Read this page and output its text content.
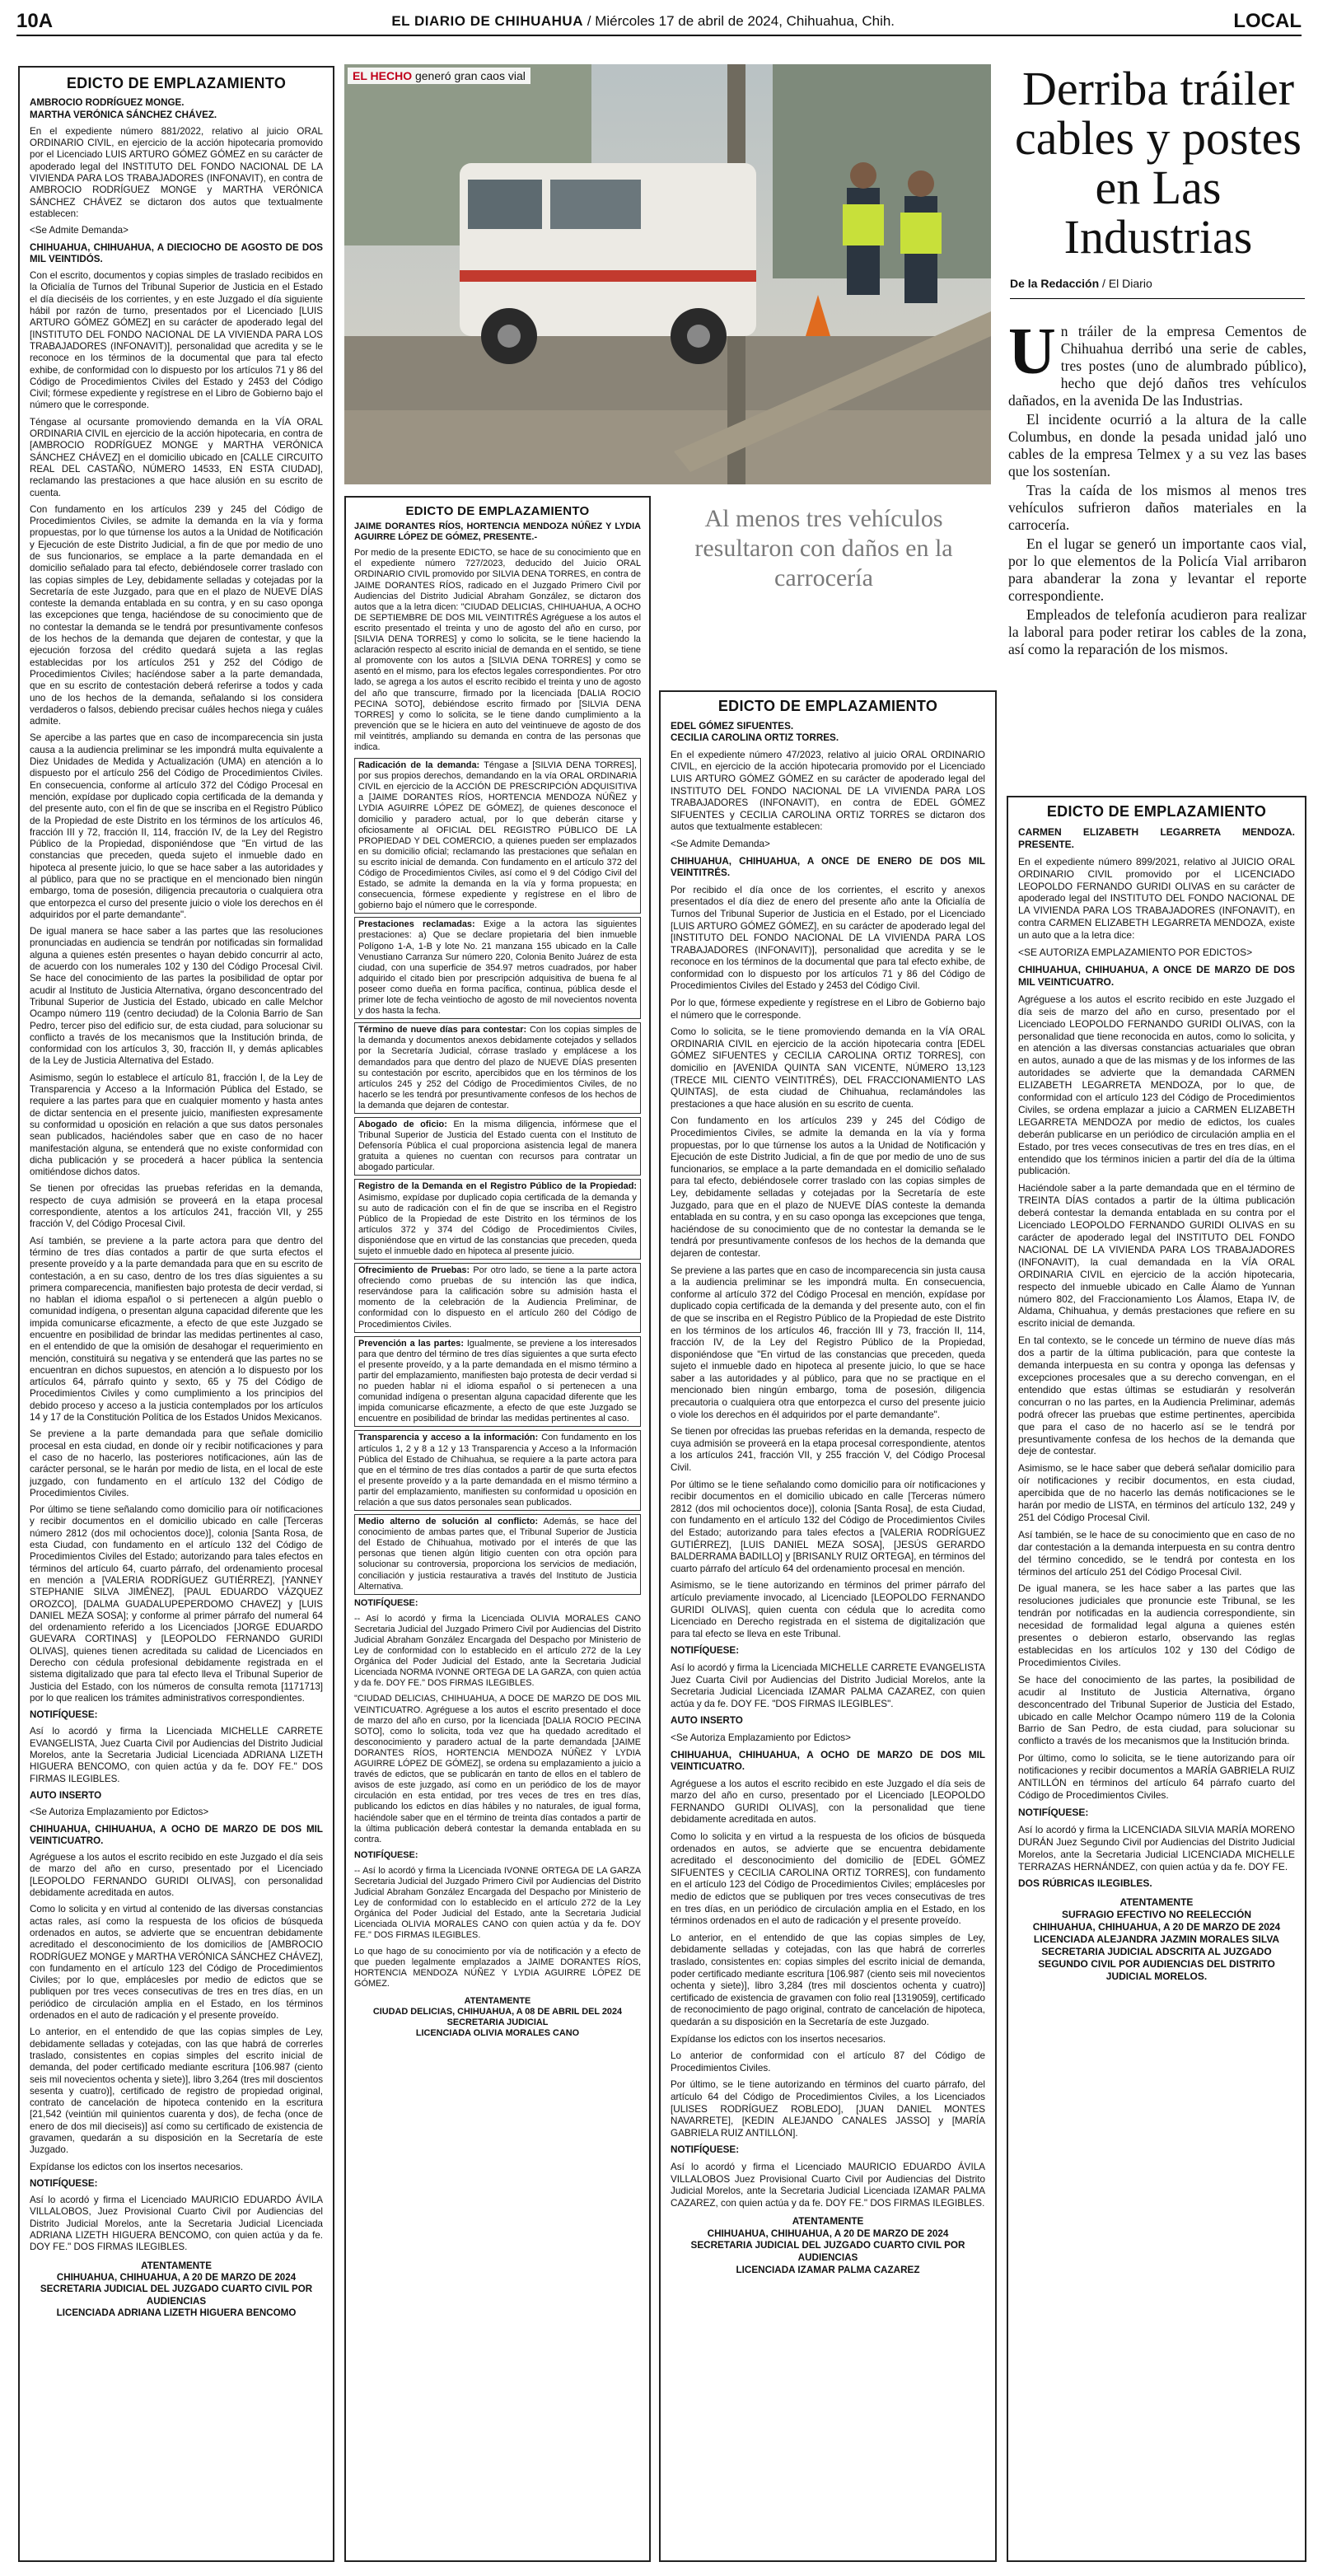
10A	EL DIARIO DE CHIHUAHUA / Miércoles 17 de abril de 2024, Chihuahua, Chih.	LOCAL
EDICTO DE EMPLAZAMIENTO

AMBROCIO RODRÍGUEZ MONGE.
MARTHA VERÓNICA SÁNCHEZ CHÁVEZ.

En el expediente número 881/2022, relativo al juicio ORAL ORDINARIO CIVIL, en ejercicio de la acción hipotecaria promovido por el Licenciado LUIS ARTURO GÓMEZ GÓMEZ en su carácter de apoderado legal del INSTITUTO DEL FONDO NACIONAL DE LA VIVIENDA PARA LOS TRABAJADORES (INFONAVIT), en contra de AMBROCIO RODRÍGUEZ MONGE y MARTHA VERÓNICA SÁNCHEZ CHÁVEZ se dictaron dos autos que textualmente establecen:

<Se Admite Demanda>

CHIHUAHUA, CHIHUAHUA, A DIECIOCHO DE AGOSTO DE DOS MIL VEINTIDÓS.

Con el escrito, documentos y copias simples de traslado recibidos en la Oficialía de Turnos del Tribunal Superior de Justicia en el Estado el día dieciséis de los corrientes, y en este Juzgado el día siguiente hábil por razón de turno, presentados por el Licenciado [LUIS ARTURO GÓMEZ GÓMEZ] en su carácter de apoderado legal del [INSTITUTO DEL FONDO NACIONAL DE LA VIVIENDA PARA LOS TRABAJADORES (INFONAVIT)], personalidad que acredita y se le reconoce en los términos de la documental que para tal efecto exhibe, de conformidad con lo dispuesto por los artículos 71 y 86 del Código de Procedimientos Civiles del Estado y 2453 del Código Civil; fórmese expediente y regístrese en el Libro de Gobierno bajo el número que le corresponde.

Téngase al ocursante promoviendo demanda en la VÍA ORAL ORDINARIA CIVIL en ejercicio de la acción hipotecaria, en contra de [AMBROCIO RODRÍGUEZ MONGE y MARTHA VERÓNICA SÁNCHEZ CHÁVEZ] en el domicilio ubicado en [CALLE CIRCUITO REAL DEL CASTAÑO, NÚMERO 14533, EN ESTA CIUDAD], reclamando las prestaciones a que hace alusión en su escrito de cuenta.

Con fundamento en los artículos 239 y 245 del Código de Procedimientos Civiles, se admite la demanda en la vía y forma propuestas, por lo que túrnense los autos a la Unidad de Notificación y Ejecución de este Distrito Judicial, a fin de que por medio de uno de sus funcionarios, se emplace a la parte demandada en el domicilio señalado para tal efecto, debiéndosele correr traslado con las copias simples de Ley, debidamente selladas y cotejadas por la Secretaría de este Juzgado, para que en el plazo de NUEVE DÍAS conteste la demanda entablada en su contra, y en su caso oponga las excepciones que tenga, haciéndose de su conocimiento que de no contestar la demanda se le tendrá por presuntivamente confesos de los hechos de la demanda que dejaren de contestar, y que la ejecución forzosa del crédito quedará sujeta a las reglas establecidas por los artículos 251 y 252 del Código de Procedimientos Civiles; hacíéndose saber a la parte demandada, que en su escrito de contestación deberá referirse a todos y cada uno de los hechos de la demanda, señalando si los considera verdaderos o falsos, debiendo precisar cuáles hechos niega y cuáles admite.

Se apercibe a las partes que en caso de incomparecencia sin justa causa a la audiencia preliminar se les impondrá multa equivalente a Diez Unidades de Medida y Actualización (UMA) en atención a lo dispuesto por el artículo 256 del Código de Procedimientos Civiles. En consecuencia, conforme al artículo 372 del Código Procesal en mención, expídase por duplicado copia certificada de la demanda y del presente auto, con el fin de que se inscriba en el Registro Público de la Propiedad de este Distrito en los términos de los artículos 46, fracción III y 72, fracción II, 114, fracción IV, de la Ley del Registro Público de la Propiedad, disponiéndose que "En virtud de las constancias que preceden, queda sujeto el inmueble dado en hipoteca al presente juicio, lo que se hace saber a las autoridades y al público, para que no se practique en el mencionado bien ningún embargo, toma de posesión, diligencia precautoria o cualquiera otra que entorpezca el curso del presente juicio o viole los derechos en él adquiridos por el parte demandante".

De igual manera se hace saber a las partes que las resoluciones pronunciadas en audiencia se tendrán por notificadas sin formalidad alguna a quienes estén presentes o hayan debido concurrir al acto, de acuerdo con los numerales 102 y 130 del Código Procesal Civil. Se hace del conocimiento de las partes la posibilidad de optar por acudir al Instituto de Justicia Alternativa, órgano desconcentrado del Tribunal Superior de Justicia del Estado, ubicado en calle Melchor Ocampo número 119 (centro deciudad) de la Colonia Barrio de San Pedro, tercer piso del edificio sur, de esta ciudad, para solucionar su conflicto a través de los mecanismos que la Institución brinda, de conformidad con los artículos 3, 30, fracción II, y demás aplicables de la Ley de Justicia Alternativa del Estado.

Asimismo, según lo establece el artículo 81, fracción I, de la Ley de Transparencia y Acceso a la Información Pública del Estado, se requiere a las partes para que en cualquier momento y hasta antes de dictar sentencia en el presente juicio, manifiesten expresamente su conformidad u oposición en relación a que sus datos personales sean publicados, haciéndoles saber que en caso de no hacer manifestación alguna, se entenderá que no existe conformidad con dicha publicación y se procederá a hacer pública la sentencia omitiéndose dichos datos.

Se tienen por ofrecidas las pruebas referidas en la demanda, respecto de cuya admisión se proveerá en la etapa procesal correspondiente, atentos a los artículos 241, fracción VII, y 255 fracción V, del Código Procesal Civil.

Así también, se previene a la parte actora para que dentro del término de tres días contados a partir de que surta efectos el presente proveído y a la parte demandada para que en su escrito de contestación, a en su caso, dentro de los tres días siguientes a su primera comparecencia, manifiesten bajo protesta de decir verdad, si no hablan el idioma español o si pertenecen a algún pueblo o comunidad indígena, o presentan alguna capacidad diferente que les impida comunicarse eficazmente, a efecto de que este Juzgado se encuentre en posibilidad de brindar las medidas pertinentes al caso, en el entendido de que la omisión de desahogar el requerimiento en mención, constituirá su negativa y se entenderá que las partes no se encuentran en dichos supuestos, en atención a lo dispuesto por los artículos 64, párrafo quinto y sexto, 65 y 75 del Código de Procedimientos Civiles y como cumplimiento a los principios del debido proceso y acceso a la justicia contemplados por los artículos 14 y 17 de la Constitución Política de los Estados Unidos Mexicanos.

Se previene a la parte demandada para que señale domicilio procesal en esta ciudad, en donde oír y recibir notificaciones y para el caso de no hacerlo, las posteriores notificaciones, aún las de carácter personal, se le harán por medio de lista, en el local de este juzgado, con fundamento en el artículo 132 del Código de Procedimientos Civiles.

Por último se tiene señalando como domicilio para oír notificaciones y recibir documentos en el domicilio ubicado en calle [Terceras número 2812 (dos mil ochocientos doce)], colonia [Santa Rosa, de esta Ciudad, con fundamento en el artículo 132 del Código de Procedimientos Civiles del Estado; autorizando para tales efectos en términos del artículo 64, cuarto párrafo, del ordenamiento procesal en mención a [VALERIA RODRÍGUEZ GUTIÉRREZ], [YANNEY STEPHANIE SILVA JIMÉNEZ], [PAUL EDUARDO VÁZQUEZ OROZCO], [DALMA GUADALUPEPERDOMO CHAVEZ] y [LUIS DANIEL MEZA SOSA]; y conforme al primer párrafo del numeral 64 del ordenamiento referido a los Licenciados [JORGE EDUARDO GUEVARA CORTINAS] y [LEOPOLDO FERNANDO GURIDI OLIVAS], quienes tienen acreditada su calidad de Licenciados en Derecho con cédula profesional debidamente registrada en el sistema digitalizado que para tal efecto lleva el Tribunal Superior de Justicia del Estado, con los números de consulta remota [1171713] por lo que realicen los trámites administrativos correspondientes.

NOTIFÍQUESE:

Así lo acordó y firma la Licenciada MICHELLE CARRETE EVANGELISTA, Juez Cuarta Civil por Audiencias del Distrito Judicial Morelos, ante la Secretaria Judicial Licenciada ADRIANA LIZETH HIGUERA BENCOMO, con quien actúa y da fe. DOY FE." DOS FIRMAS ILEGIBLES.

AUTO INSERTO

<Se Autoriza Emplazamiento por Edictos>

CHIHUAHUA, CHIHUAHUA, A OCHO DE MARZO DE DOS MIL VEINTICUATRO.

Agréguese a los autos el escrito recibido en este Juzgado el día seis de marzo del año en curso, presentado por el Licenciado [LEOPOLDO FERNANDO GURIDI OLIVAS], con personalidad debidamente acreditada en autos.

Como lo solicita y en virtud al contenido de las diversas constancias actas rales, así como la respuesta de los oficios de búsqueda ordenados en autos, se advierte que se encuentran debidamente acreditado el desconocimiento de los domicilios de [AMBROCIO RODRÍGUEZ MONGE y MARTHA VERÓNICA SÁNCHEZ CHÁVEZ], con fundamento en el artículo 123 del Código de Procedimientos Civiles; por lo que, emplácesles por medio de edictos que se publiquen por tres veces consecutivas de tres en tres días, en un periódico de circulación amplia en el Estado, en los términos ordenados en el auto de radicación y el presente proveído.

Lo anterior, en el entendido de que las copias simples de Ley, debidamente selladas y cotejadas, con las que habrá de correrles traslado, consistentes en copias simples del escrito inicial de demanda, del poder certificado mediante escritura [106.987 (ciento seis mil novecientos ochenta y siete)], libro 3,264 (tres mil doscientos sesenta y cuatro)], certificado de registro de propiedad original, contrato de cancelación de hipoteca contenido en la escritura [21,542 (veintiún mil quinientos cuarenta y dos), de fecha (once de enero de dos mil dieciseis)] así como su certificado de existencia de gravamen, quedarán a su disposición en la Secretaría de este Juzgado.

Expídanse los edictos con los insertos necesarios.

NOTIFÍQUESE:

Así lo acordó y firma el Licenciado MAURICIO EDUARDO ÁVILA VILLALOBOS, Juez Provisional Cuarto Civil por Audiencias del Distrito Judicial Morelos, ante la Secretaria Judicial Licenciada ADRIANA LIZETH HIGUERA BENCOMO, con quien actúa y da fe. DOY FE." DOS FIRMAS ILEGIBLES.

ATENTAMENTE
CHIHUAHUA, CHIHUAHUA, A 20 DE MARZO DE 2024
SECRETARIA JUDICIAL DEL JUZGADO CUARTO CIVIL POR AUDIENCIAS
LICENCIADA ADRIANA LIZETH HIGUERA BENCOMO
EL HECHO generó gran caos vial
EDICTO DE EMPLAZAMIENTO

JAIME DORANTES RÍOS, HORTENCIA MENDOZA NÚÑEZ Y LYDIA AGUIRRE LÓPEZ DE GÓMEZ, PRESENTE.-

Por medio de la presente EDICTO, se hace de su conocimiento que en el expediente número 727/2023, deducido del Juicio ORAL ORDINARIO CIVIL promovido por SILVIA DENA TORRES, en contra de JAIME DORANTES RÍOS, radicado en el Juzgado Primero Civil por Audiencias del Distrito Judicial Abraham González, se dictaron dos autos que a la letra dicen: "CIUDAD DELICIAS, CHIHUAHUA, A OCHO DE SEPTIEMBRE DE DOS MIL VEINTITRÉS Agréguese a los autos el escrito presentado el treinta y uno de agosto del año en curso, por [SILVIA DENA TORRES] y como lo solicita, se le tiene haciendo la aclaración respecto al escrito inicial de demanda en el sentido, se tiene al promovente con los autos a [SILVIA DENA TORRES] y como se asentó en el mismo, para los efectos legales correspondientes. Por otro lado, se agrega a los autos el escrito recibido el treinta y uno de agosto del año que transcurre, firmado por la licenciada [DALIA ROCIO PECINA SOTO], debiéndose escrito firmado por [SILVIA DENA TORRES] y como lo solicita, se le tiene dando cumplimiento a la prevención que se le hiciera en auto del veintinueve de agosto de dos mil veintitrés, ampliando su demanda en contra de las personas que indica.

Radicación de la demanda: Téngase a [SILVIA DENA TORRES], por sus propios derechos, demandando en la vía ORAL ORDINARIA CIVIL en ejercicio de la ACCIÓN DE PRESCRIPCIÓN ADQUISITIVA a [JAIME DORANTES RÍOS, HORTENCIA MENDOZA NÚÑEZ y LYDIA AGUIRRE LÓPEZ DE GÓMEZ], de quienes desconoce el domicilio y paradero actual, por lo que deberán citarse y oficiosamente al OFICIAL DEL REGISTRO PÚBLICO DE LA PROPIEDAD Y DEL COMERCIO, a quienes pueden ser emplazados en su domicilio oficial; reclamando las prestaciones que señalan en su escrito inicial de demanda. Con fundamento en el artículo 372 del Código de Procedimientos Civiles, así como el 9 del Código Civil del Estado, se admite la demanda en la vía y forma propuesta; en consecuencia, fórmese expediente y regístrese en el libro de gobierno bajo el número que le corresponde.
Prestaciones reclamadas: Exige a la actora las siguientes prestaciones: a) Que se declare propietaria del bien inmueble Polígono 1-A, 1-B y lote No. 21 manzana 155 ubicado en la Calle Venustiano Carranza Sur número 220, Colonia Benito Juárez de esta ciudad, con una superficie de 354.97 metros cuadrados, por haber adquirido el citado bien por prescripción adquisitiva de buena fe al poseer como dueña en forma pacífica, continua, pública desde el primer lote de fecha veintiocho de agosto de mil novecientos noventa y dos hasta la fecha.
Término de nueve días para contestar: Con los copias simples de la demanda y documentos anexos debidamente cotejados y sellados por la Secretaría Judicial, córrase traslado y emplácese a los demandados para que dentro del plazo de NUEVE DÍAS presenten su contestación por escrito, apercibidos que en los términos de los artículos 245 y 252 del Código de Procedimientos Civiles, de no hacerlo se les tendrá por presuntivamente confesos de los hechos de la demanda que dejaren de contestar.
Abogado de oficio: En la misma diligencia, infórmese que el Tribunal Superior de Justicia del Estado cuenta con el Instituto de Defensoría Pública el cual proporciona asistencia legal de manera gratuita a quienes no cuentan con recursos para contratar un abogado particular.
Registro de la Demanda en el Registro Público de la Propiedad: Asimismo, expídase por duplicado copia certificada de la demanda y su auto de radicación con el fin de que se inscriba en el Registro Público de la Propiedad de este Distrito en los términos de los artículos 372 y 374 del Código de Procedimientos Civiles, disponiéndose que en virtud de las constancias que preceden, queda sujeto el inmueble dado en hipoteca al presente juicio.
Ofrecimiento de Pruebas: Por otro lado, se tiene a la parte actora ofreciendo como pruebas de su intención las que indica, reservándose para la calificación sobre su admisión hasta el momento de la celebración de la Audiencia Preliminar, de conformidad con lo dispuesto en el artículo 260 del Código de Procedimientos Civiles.
Prevención a las partes: Igualmente, se previene a los interesados para que dentro del término de tres días siguientes a que surta efecto el presente proveído, y a la parte demandada en el mismo término a partir del emplazamiento, manifiesten bajo protesta de decir verdad si no pueden hablar ni el idioma español o si pertenecen a una comunidad indígena o presentan alguna capacidad diferente que les impida comunicarse eficazmente, a efecto de que este Juzgado se encuentre en posibilidad de brindar las medidas pertinentes al caso.
Transparencia y acceso a la información: Con fundamento en los artículos 1, 2 y 8 a 12 y 13 Transparencia y Acceso a la Información Pública del Estado de Chihuahua, se requiere a la parte actora para que en el término de tres días contados a partir de que surta efectos el presente proveído y a la parte demandada en el mismo término a partir del emplazamiento, manifiesten su conformidad u oposición en relación a que sus datos personales sean publicados.
Medio alterno de solución al conflicto: Además, se hace del conocimiento de ambas partes que, el Tribunal Superior de Justicia del Estado de Chihuahua, motivado por el interés de que las personas que tienen algún litigio cuenten con otra opción para solucionar su controversia, proporciona los servicios de mediación, conciliación y justicia restaurativa a través del Instituto de Justicia Alternativa.

NOTIFÍQUESE:

-- Así lo acordó y firma la Licenciada OLIVIA MORALES CANO Secretaria Judicial del Juzgado Primero Civil por Audiencias del Distrito Judicial Abraham González Encargada del Despacho por Ministerio de Ley de conformidad con lo establecido en el artículo 272 de la Ley Orgánica del Poder Judicial del Estado, ante la Secretaria Judicial Licenciada NORMA IVONNE ORTEGA DE LA GARZA, con quien actúa y da fe. DOY FE." DOS FIRMAS ILEGIBLES.

"CIUDAD DELICIAS, CHIHUAHUA, A DOCE DE MARZO DE DOS MIL VEINTICUATRO. Agréguese a los autos el escrito presentado el doce de marzo del año en curso, por la licenciada [DALIA ROCIO PECINA SOTO], como lo solicita, toda vez que ha quedado acreditado el desconocimiento y paradero actual de la parte demandada [JAIME DORANTES RÍOS, HORTENCIA MENDOZA NÚÑEZ Y LYDIA AGUIRRE LÓPEZ DE GÓMEZ], se ordena su emplazamiento a juicio a través de edictos, que se publicarán en tanto de ellos en el tablero de avisos de este juzgado, así como en un periódico de los de mayor circulación en esta entidad, por tres veces de tres en tres días, publicando los edictos en días hábiles y no naturales, de igual forma, haciéndole saber que en el término de treinta días contados a partir de la última publicación deberá contestar la demanda entablada en su contra.

NOTIFÍQUESE:

-- Así lo acordó y firma la Licenciada IVONNE ORTEGA DE LA GARZA Secretaria Judicial del Juzgado Primero Civil por Audiencias del Distrito Judicial Abraham González Encargada del Despacho por Ministerio de Ley de conformidad con lo establecido en el artículo 272 de la Ley Orgánica del Poder Judicial del Estado, ante la Secretaria Judicial Licenciada OLIVIA MORALES CANO con quien actúa y da fe. DOY FE." DOS FIRMAS ILEGIBLES.

Lo que hago de su conocimiento por vía de notificación y a efecto de que pueden legalmente emplazados a JAIME DORANTES RÍOS, HORTENCIA MENDOZA NÚÑEZ Y LYDIA AGUIRRE LÓPEZ DE GÓMEZ.

ATENTAMENTE
CIUDAD DELICIAS, CHIHUAHUA, A 08 DE ABRIL DEL 2024
SECRETARIA JUDICIAL
LICENCIADA OLIVIA MORALES CANO
Al menos tres vehículos resultaron con daños en la carrocería
EDICTO DE EMPLAZAMIENTO

EDEL GÓMEZ SIFUENTES.
CECILIA CAROLINA ORTIZ TORRES.

En el expediente número 47/2023, relativo al juicio ORAL ORDINARIO CIVIL, en ejercicio de la acción hipotecaria promovido por el Licenciado LUIS ARTURO GÓMEZ GÓMEZ en su carácter de apoderado legal del INSTITUTO DEL FONDO NACIONAL DE LA VIVIENDA PARA LOS TRABAJADORES (INFONAVIT), en contra de EDEL GÓMEZ SIFUENTES y CECILIA CAROLINA ORTIZ TORRES se dictaron dos autos que textualmente establecen:

<Se Admite Demanda>

CHIHUAHUA, CHIHUAHUA, A ONCE DE ENERO DE DOS MIL VEINTITRÉS.

Por recibido el día once de los corrientes, el escrito y anexos presentados el día diez de enero del presente año ante la Oficialía de Turnos del Tribunal Superior de Justicia en el Estado, por el Licenciado [LUIS ARTURO GÓMEZ GÓMEZ], en su carácter de apoderado legal del [INSTITUTO DEL FONDO NACIONAL DE LA VIVIENDA PARA LOS TRABAJADORES (INFONAVIT)], personalidad que acredita y se le reconoce en los términos de la documental que para tal efecto exhibe, de conformidad con lo dispuesto por los artículos 71 y 86 del Código de Procedimientos Civiles del Estado y 2453 del Código Civil.

Por lo que, fórmese expediente y regístrese en el Libro de Gobierno bajo el número que le corresponde.

Como lo solicita, se le tiene promoviendo demanda en la VÍA ORAL ORDINARIA CIVIL en ejercicio de la acción hipotecaria contra [EDEL GÓMEZ SIFUENTES y CECILIA CAROLINA ORTIZ TORRES], con domicilio en [AVENIDA QUINTA SAN VICENTE, NÚMERO 13,123 (TRECE MIL CIENTO VEINTITRÉS), DEL FRACCIONAMIENTO LAS QUINTAS], de esta ciudad de Chihuahua, reclamándoles las prestaciones a que hace alusión en su escrito de cuenta.

Con fundamento en los artículos 239 y 245 del Código de Procedimientos Civiles, se admite la demanda en la vía y forma propuestas, por lo que túrnense los autos a la Unidad de Notificación y Ejecución de este Distrito Judicial, a fin de que por medio de uno de sus funcionarios, se emplace a la parte demandada en el domicilio señalado para tal efecto, debiéndosele correr traslado con las copias simples de Ley, debidamente selladas y cotejadas por la Secretaría de este Juzgado, para que en el plazo de NUEVE DÍAS conteste la demanda entablada en su contra, y en su caso oponga las excepciones que tenga, haciéndose de su conocimiento que de no contestar la demanda se le tendrá por presuntivamente confesos de los hechos de la demanda que dejaren de contestar.

Se previene a las partes que en caso de incomparecencia sin justa causa a la audiencia preliminar se les impondrá multa. En consecuencia, conforme al artículo 372 del Código Procesal en mención, expídase por duplicado copia certificada de la demanda y del presente auto, con el fin de que se inscriba en el Registro Público de la Propiedad de este Distrito en los términos de los artículos 46, fracción III y 73, fracción II, 114, fracción IV, de la Ley del Registro Público de la Propiedad, disponiéndose que "En virtud de las constancias que preceden, queda sujeto el inmueble dado en hipoteca al presente juicio, lo que se hace saber a las autoridades y al público, para que no se practique en el mencionado bien ningún embargo, toma de posesión, diligencia precautoria o cualquiera otra que entorpezca el curso del presente juicio o viole los derechos en él adquiridos por el parte demandante".

Se tienen por ofrecidas las pruebas referidas en la demanda, respecto de cuya admisión se proveerá en la etapa procesal correspondiente, atentos a los artículos 241, fracción VII, y 255 fracción V, del Código Procesal Civil.

Por último se le tiene señalando como domicilio para oír notificaciones y recibir documentos en el domicilio ubicado en calle [Terceras número 2812 (dos mil ochocientos doce)], colonia [Santa Rosa], de esta Ciudad, con fundamento en el artículo 132 del Código de Procedimientos Civiles del Estado; autorizando para tales efectos a [VALERIA RODRÍGUEZ GUTIÉRREZ], [LUIS DANIEL MEZA SOSA], [JESÚS GERARDO BALDERRAMA BADILLO] y [BRISANLY RUIZ ORTEGA], en términos del cuarto párrafo del artículo 64 del ordenamiento procesal en mención.

Asimismo, se le tiene autorizando en términos del primer párrafo del artículo previamente invocado, al Licenciado [LEOPOLDO FERNANDO GURIDI OLIVAS], quien cuenta con cédula que lo acredita como Licenciado en Derecho registrada en el sistema de digitalización que para tal efecto se lleva en este Tribunal.

NOTIFÍQUESE:

Así lo acordó y firma la Licenciada MICHELLE CARRETE EVANGELISTA Juez Cuarta Civil por Audiencias del Distrito Judicial Morelos, ante la Secretaria Judicial Licenciada IZAMAR PALMA CAZAREZ, con quien actúa y da fe. DOY FE. "DOS FIRMAS ILEGIBLES".

AUTO INSERTO

<Se Autoriza Emplazamiento por Edictos>

CHIHUAHUA, CHIHUAHUA, A OCHO DE MARZO DE DOS MIL VEINTICUATRO.

Agréguese a los autos el escrito recibido en este Juzgado el día seis de marzo del año en curso, presentado por el Licenciado [LEOPOLDO FERNANDO GURIDI OLIVAS], con la personalidad que tiene debidamente acreditada en autos.

Como lo solicita y en virtud a la respuesta de los oficios de búsqueda ordenados en autos, se advierte que se encuentra debidamente acreditado el desconocimiento del domicilio de [EDEL GÓMEZ SIFUENTES y CECILIA CAROLINA ORTIZ TORRES], con fundamento en el artículo 123 del Código de Procedimientos Civiles; emplácesles por medio de edictos que se publiquen por tres veces consecutivas de tres en tres días, en un periódico de circulación amplia en el Estado, en los términos ordenados en el auto de radicación y el presente proveído.

Lo anterior, en el entendido de que las copias simples de Ley, debidamente selladas y cotejadas, con las que habrá de correrles traslado, consistentes en: copias simples del escrito inicial de demanda, poder certificado mediante escritura [106.987 (ciento seis mil novecientos ochenta y siete)], libro 3,284 (tres mil doscientos ochenta y cuatro)] certificado de existencia de gravamen con folio real [1319059], certificado de reconocimiento de pago original, contrato de cancelación de hipoteca, quedarán a su disposición en la Secretaría de este Juzgado.

Expídanse los edictos con los insertos necesarios.

Lo anterior de conformidad con el artículo 87 del Código de Procedimientos Civiles.

Por último, se le tiene autorizando en términos del cuarto párrafo, del artículo 64 del Código de Procedimientos Civiles, a los Licenciados [ULISES RODRÍGUEZ ROBLEDO], [JUAN DANIEL MONTES NAVARRETE], [KEDIN ALEJANDO CANALES JASSO] y [MARÍA GABRIELA RUIZ ANTILLÓN].

NOTIFÍQUESE:

Así lo acordó y firma el Licenciado MAURICIO EDUARDO ÁVILA VILLALOBOS Juez Provisional Cuarto Civil por Audiencias del Distrito Judicial Morelos, ante la Secretaria Judicial Licenciada IZAMAR PALMA CAZAREZ, con quien actúa y da fe. DOY FE." DOS FIRMAS ILEGIBLES.

ATENTAMENTE
CHIHUAHUA, CHIHUAHUA, A 20 DE MARZO DE 2024
SECRETARIA JUDICIAL DEL JUZGADO CUARTO CIVIL POR AUDIENCIAS
LICENCIADA IZAMAR PALMA CAZAREZ
Derriba tráiler cables y postes en Las Industrias
De la Redacción / El Diario

Un tráiler de la empresa Cementos de Chihuahua derribó una serie de cables, tres postes (uno de alumbrado público), hecho que dejó daños tres vehículos dañados, en la avenida De las Industrias.

El incidente ocurrió a la altura de la calle Columbus, en donde la pesada unidad jaló uno cables de la empresa Telmex y a su vez las bases que los sostenían.

Tras la caída de los mismos al menos tres vehículos sufrieron daños materiales en la carrocería.

En el lugar se generó un importante caos vial, por lo que elementos de la Policía Vial arribaron para abanderar la zona y levantar el reporte correspondiente.

Empleados de telefonía acudieron para realizar la laboral para poder retirar los cables de la zona, así como la reparación de los mismos.

EDICTO DE EMPLAZAMIENTO

CARMEN ELIZABETH LEGARRETA MENDOZA. PRESENTE.

En el expediente número 899/2021, relativo al JUICIO ORAL ORDINARIO CIVIL promovido por el LICENCIADO LEOPOLDO FERNANDO GURIDI OLIVAS en su carácter de apoderado legal del INSTITUTO DEL FONDO NACIONAL DE LA VIVIENDA PARA LOS TRABAJADORES (INFONAVIT), en contra CARMEN ELIZABETH LEGARRETA MENDOZA, existe un auto que a la letra dice:

<SE AUTORIZA EMPLAZAMIENTO POR EDICTOS>

CHIHUAHUA, CHIHUAHUA, A ONCE DE MARZO DE DOS MIL VEINTICUATRO.

Agréguese a los autos el escrito recibido en este Juzgado el día seis de marzo del año en curso, presentado por el Licenciado LEOPOLDO FERNANDO GURIDI OLIVAS, con la personalidad que tiene reconocida en autos, como lo solicita, y en atención a las diversas constancias actuariales que obran en autos, aunado a que de las mismas y de los informes de las autoridades se advierte que la demandada CARMEN ELIZABETH LEGARRETA MENDOZA, por lo que, de conformidad con el artículo 123 del Código de Procedimientos Civiles, se ordena emplazar a juicio a CARMEN ELIZABETH LEGARRETA MENDOZA por medio de edictos, los cuales deberán publicarse en un periódico de circulación amplia en el Estado, por tres veces consecutivas de tres en tres días, en el entendido que los términos inicien a partir del día de la última publicación.

Haciéndole saber a la parte demandada que en el término de TREINTA DÍAS contados a partir de la última publicación deberá contestar la demanda entablada en su contra por el Licenciado LEOPOLDO FERNANDO GURIDI OLIVAS en su carácter de apoderado legal del INSTITUTO DEL FONDO NACIONAL DE LA VIVIENDA PARA LOS TRABAJADORES (INFONAVIT), la cual demandada en la VÍA ORAL ORDINARIA CIVIL en ejercicio de la acción hipotecaria, respecto del inmueble ubicado en Calle Álamo de Yunnan número 802, del Fraccionamiento Los Álamos, Etapa IV, de Aldama, Chihuahua, y demás prestaciones que refiere en su escrito inicial de demanda.

En tal contexto, se le concede un término de nueve días más dos a partir de la última publicación, para que conteste la demanda interpuesta en su contra y oponga las defensas y excepciones procesales que a su derecho convengan, en el entendido que estas últimas se estudiarán y resolverán concurran o no las partes, en la Audiencia Preliminar, además podrá ofrecer las pruebas que estime pertinentes, apercibida que para el caso de no hacerlo así se le tendrá por presuntivamente confesa de los hechos de la demanda que deje de contestar.

Asimismo, se le hace saber que deberá señalar domicilio para oír notificaciones y recibir documentos, en esta ciudad, apercibida que de no hacerlo las demás notificaciones se le harán por medio de LISTA, en términos del artículo 132, 249 y 251 del Código Procesal Civil.

Así también, se le hace de su conocimiento que en caso de no dar contestación a la demanda interpuesta en su contra dentro del término concedido, se le tendrá por contesta en los términos del artículo 251 del Código Procesal Civil.

De igual manera, se les hace saber a las partes que las resoluciones judiciales que pronuncie este Tribunal, se les tendrán por notificadas en la audiencia correspondiente, sin necesidad de formalidad legal alguna a quienes estén presentes o debieron estarlo, observando las reglas establecidas en los artículos 102 y 130 del Código de Procedimientos Civiles.

Se hace del conocimiento de las partes, la posibilidad de acudir al Instituto de Justicia Alternativa, órgano desconcentrado del Tribunal Superior de Justicia del Estado, ubicado en calle Melchor Ocampo número 119 de la Colonia Barrio de San Pedro, de esta ciudad, para solucionar su conflicto a través de los mecanismos que la Institución brinda.

Por último, como lo solicita, se le tiene autorizando para oír notificaciones y recibir documentos a MARÍA GABRIELA RUIZ ANTILLÓN en términos del artículo 64 párrafo cuarto del Código de Procedimientos Civiles.

NOTIFÍQUESE:

Así lo acordó y firma la LICENCIADA SILVIA MARÍA MORENO DURÁN Juez Segundo Civil por Audiencias del Distrito Judicial Morelos, ante la Secretaria Judicial LICENCIADA MICHELLE TERRAZAS HERNÁNDEZ, con quien actúa y da fe. DOY FE.

DOS RÚBRICAS ILEGIBLES.

ATENTAMENTE
SUFRAGIO EFECTIVO NO REELECCIÓN
CHIHUAHUA, CHIHUAHUA, A 20 DE MARZO DE 2024
LICENCIADA ALEJANDRA JAZMIN MORALES SILVA
SECRETARIA JUDICIAL ADSCRITA AL JUZGADO SEGUNDO CIVIL POR AUDIENCIAS DEL DISTRITO JUDICIAL MORELOS.
